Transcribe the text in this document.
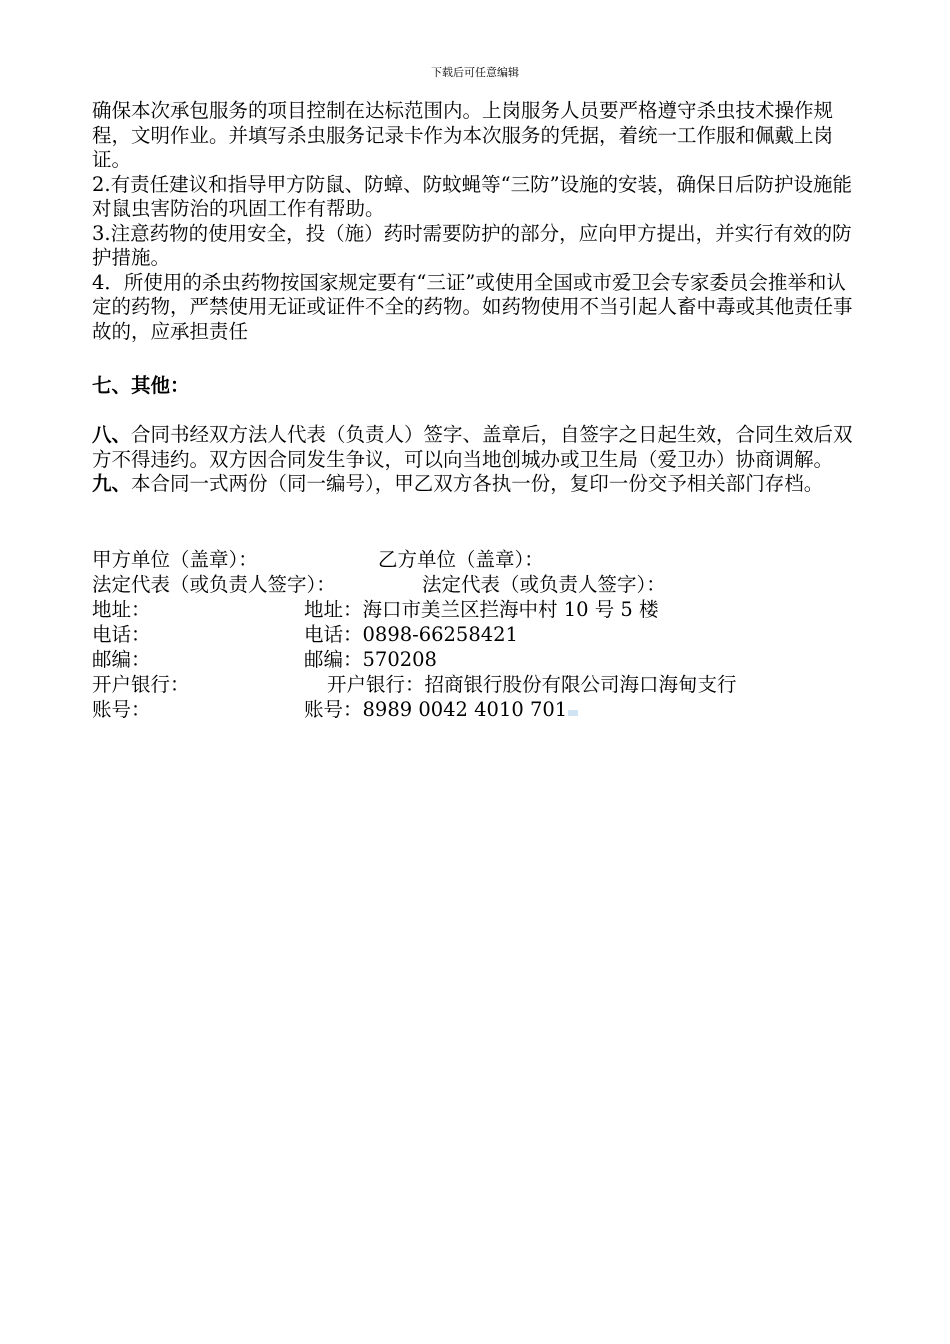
下载后可任意编辑

确保本次承包服务的项目控制在达标范围内。上岗服务人员要严格遵守杀虫技术操作规程，文明作业。并填写杀虫服务记录卡作为本次服务的凭据，着统一工作服和佩戴上岗证。

2.有责任建议和指导甲方防鼠、防蟑、防蚊蝇等“三防”设施的安装，确保日后防护设施能对鼠虫害防治的巩固工作有帮助。

3.注意药物的使用安全，投（施）药时需要防护的部分，应向甲方提出，并实行有效的防护措施。

4．所使用的杀虫药物按国家规定要有“三证”或使用全国或市爱卫会专家委员会推举和认定的药物，严禁使用无证或证件不全的药物。如药物使用不当引起人畜中毒或其他责任事故的，应承担责任

七、其他：

八、合同书经双方法人代表（负责人）签字、盖章后，自签字之日起生效，合同生效后双方不得违约。双方因合同发生争议，可以向当地创城办或卫生局（爱卫办）协商调解。

九、本合同一式两份（同一编号），甲乙双方各执一份，复印一份交予相关部门存档。

甲方单位（盖章）：	乙方单位（盖章）：
法定代表（或负责人签字）：	法定代表（或负责人签字）：
地址：	地址：海口市美兰区拦海中村 10 号 5 楼
电话：	电话：0898-66258421
邮编：	邮编：570208
开户银行：	开户银行：招商银行股份有限公司海口海甸支行
账号：	账号：8989 0042 4010 701
